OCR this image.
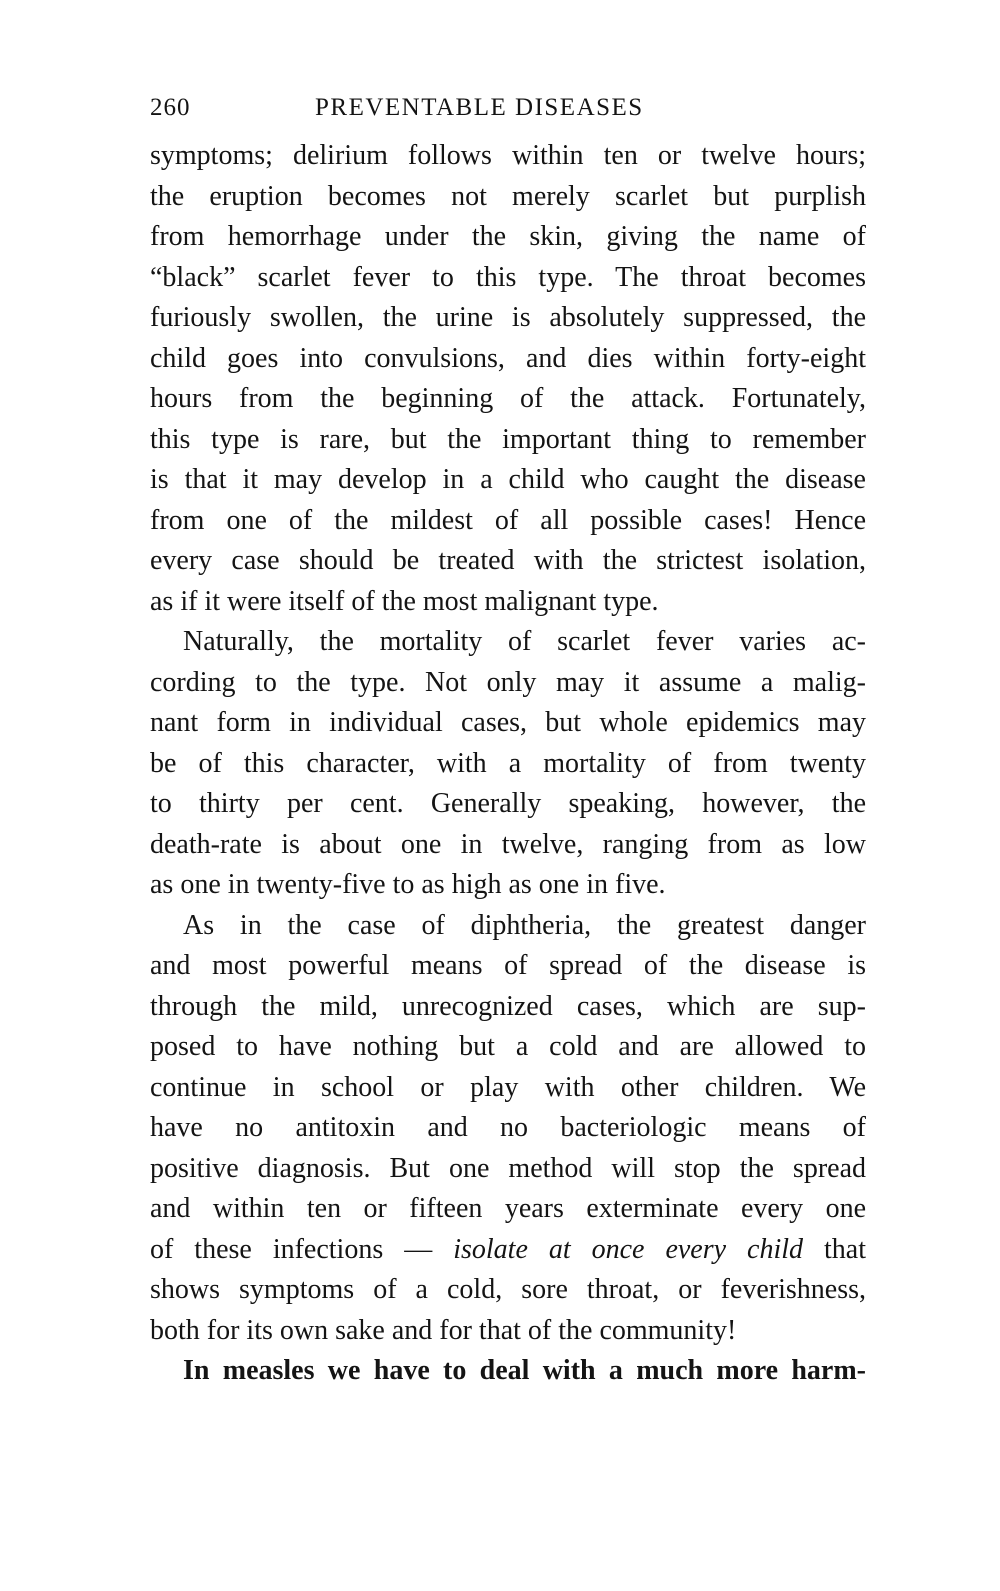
260	PREVENTABLE DISEASES
symptoms; delirium follows within ten or twelve hours;
the eruption becomes not merely scarlet but purplish
from hemorrhage under the skin, giving the name of
“black” scarlet fever to this type. The throat becomes
furiously swollen, the urine is absolutely suppressed, the
child goes into convulsions, and dies within forty-eight
hours from the beginning of the attack. Fortunately,
this type is rare, but the important thing to remember
is that it may develop in a child who caught the disease
from one of the mildest of all possible cases! Hence
every case should be treated with the strictest isolation,
as if it were itself of the most malignant type.
Naturally, the mortality of scarlet fever varies ac-
cording to the type. Not only may it assume a malig-
nant form in individual cases, but whole epidemics may
be of this character, with a mortality of from twenty
to thirty per cent. Generally speaking, however, the
death-rate is about one in twelve, ranging from as low
as one in twenty-five to as high as one in five.
As in the case of diphtheria, the greatest danger
and most powerful means of spread of the disease is
through the mild, unrecognized cases, which are sup-
posed to have nothing but a cold and are allowed to
continue in school or play with other children. We
have no antitoxin and no bacteriologic means of
positive diagnosis. But one method will stop the spread
and within ten or fifteen years exterminate every one
of these infections — isolate at once every child that
shows symptoms of a cold, sore throat, or feverishness,
both for its own sake and for that of the community!
In measles we have to deal with a much more harm-
